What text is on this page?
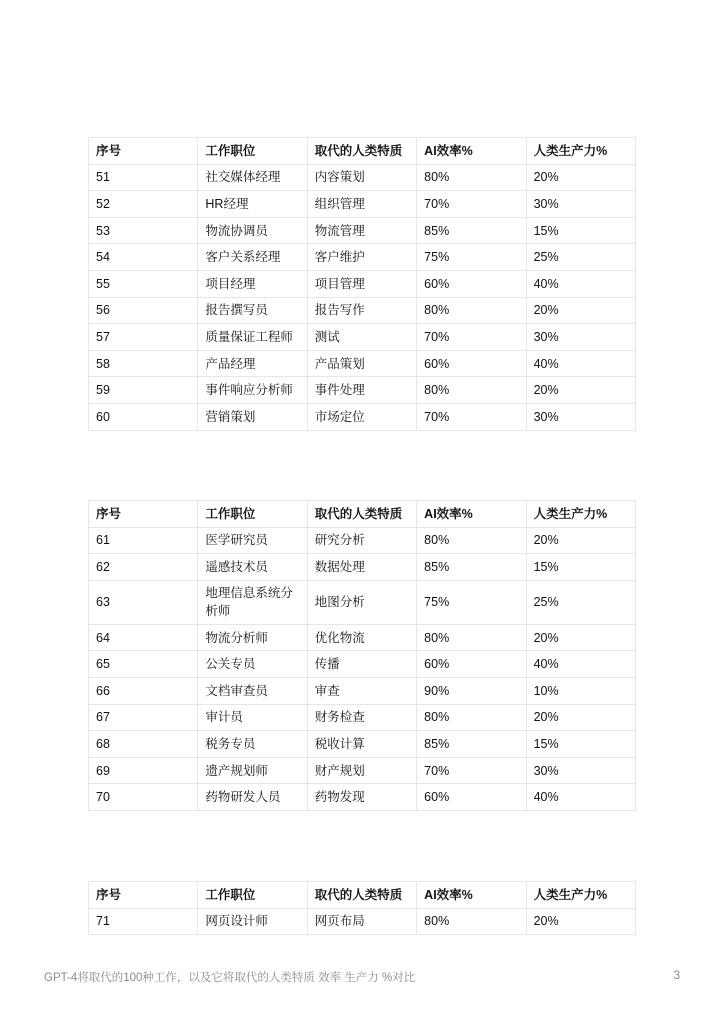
序号	工作职位	取代的人类特质	AI效率%	人类生产力%
51	社交媒体经理	内容策划	80%	20%
52	HR经理	组织管理	70%	30%
53	物流协调员	物流管理	85%	15%
54	客户关系经理	客户维护	75%	25%
55	项目经理	项目管理	60%	40%
56	报告撰写员	报告写作	80%	20%
57	质量保证工程师	测试	70%	30%
58	产品经理	产品策划	60%	40%
59	事件响应分析师	事件处理	80%	20%
60	营销策划	市场定位	70%	30%
序号	工作职位	取代的人类特质	AI效率%	人类生产力%
61	医学研究员	研究分析	80%	20%
62	遥感技术员	数据处理	85%	15%
63	地理信息系统分析师	地图分析	75%	25%
64	物流分析师	优化物流	80%	20%
65	公关专员	传播	60%	40%
66	文档审查员	审查	90%	10%
67	审计员	财务检查	80%	20%
68	税务专员	税收计算	85%	15%
69	遗产规划师	财产规划	70%	30%
70	药物研发人员	药物发现	60%	40%
序号	工作职位	取代的人类特质	AI效率%	人类生产力%
71	网页设计师	网页布局	80%	20%
GPT-4将取代的100种工作，以及它将取代的人类特质 效率 生产力 %对比	3
